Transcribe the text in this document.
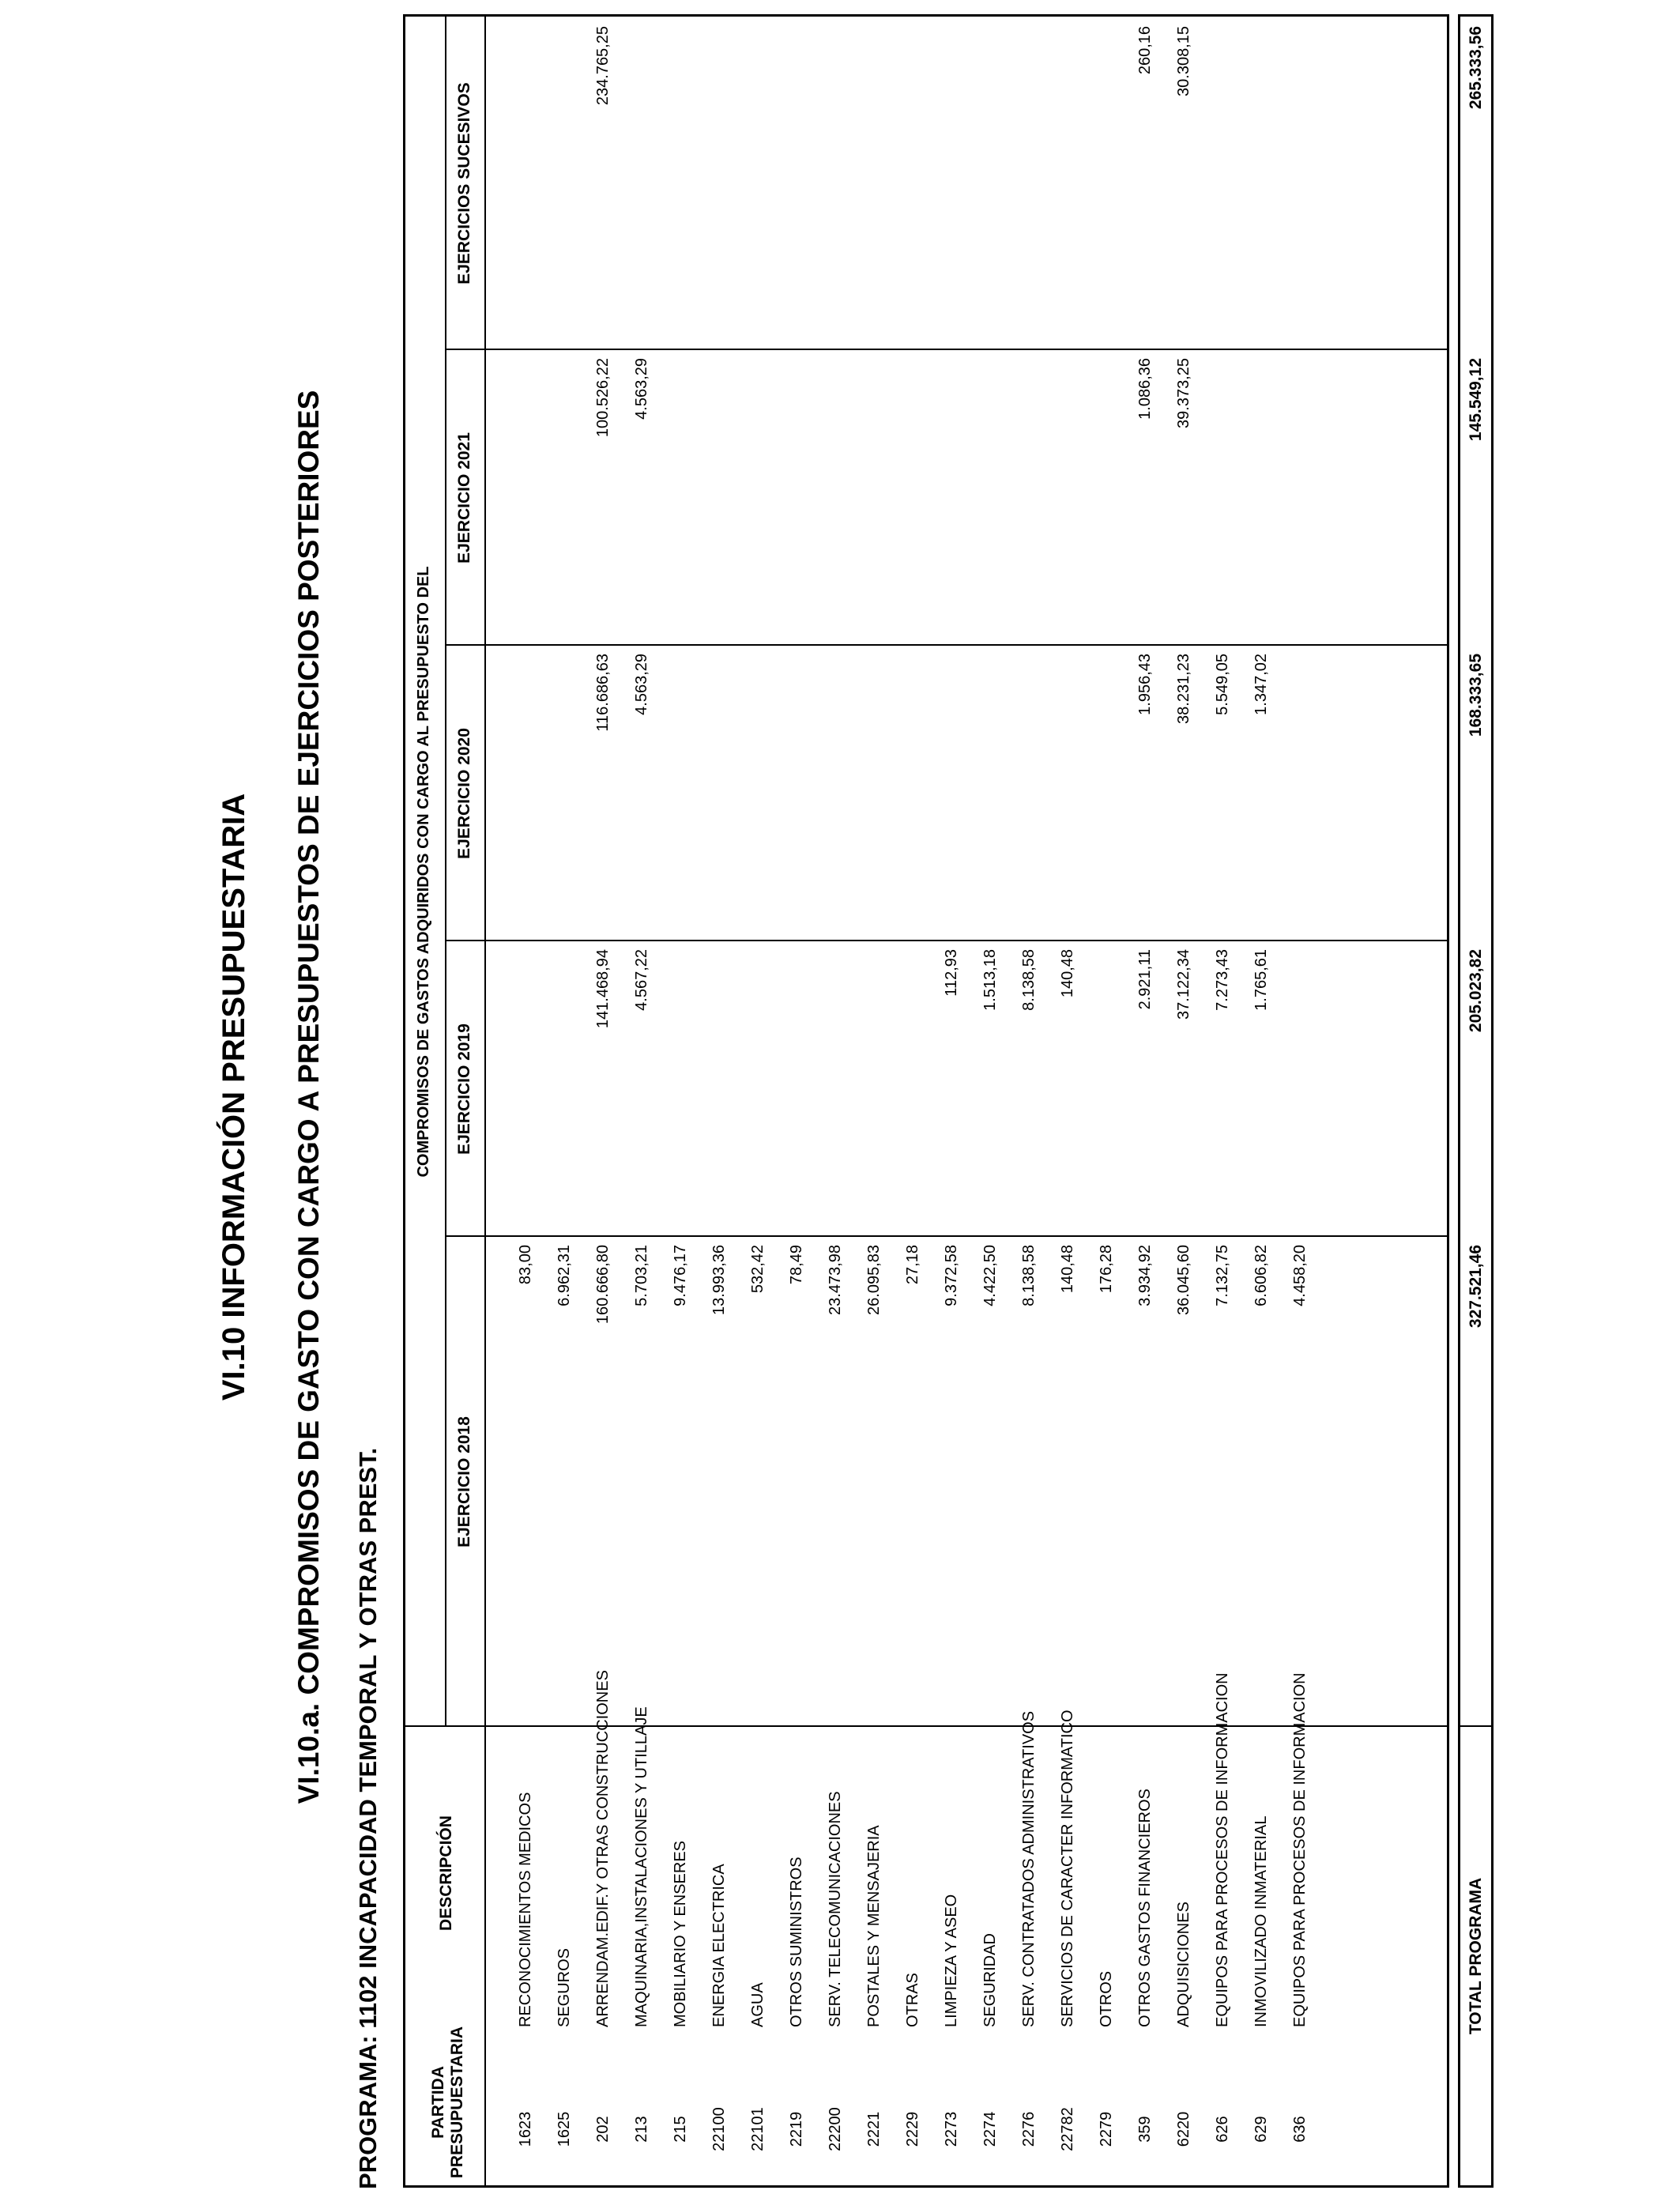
VI.10 INFORMACIÓN PRESUPUESTARIA VI.10.a. COMPROMISOS DE GASTO CON CARGO A PRESUPUESTOS DE EJERCICIOS POSTERIORES
PROGRAMA: 1102 INCAPACIDAD TEMPORAL Y OTRAS PREST.	PARTIDA PRESUPUESTARIA
DESCRIPCIÓN
COMPROMISOS DE GASTOS ADQUIRIDOS CON CARGO AL PRESUPUESTO DEL
EJERCICIO 2018
EJERCICIO 2019
EJERCICIO 2020
EJERCICIO 2021
EJERCICIOS SUCESIVOS
1623
RECONOCIMIENTOS MEDICOS
83,00
1625
SEGUROS
6.962,31
202
ARRENDAM.EDIF.Y OTRAS CONSTRUCCIONES
160.666,80
141.468,94
116.686,63
100.526,22
234.765,25
213
MAQUINARIA,INSTALACIONES Y UTILLAJE
5.703,21
4.567,22
4.563,29
4.563,29
215
MOBILIARIO Y ENSERES
9.476,17
22100
ENERGIA ELECTRICA
13.993,36
22101
AGUA
532,42
2219
OTROS SUMINISTROS
78,49
22200
SERV. TELECOMUNICACIONES
23.473,98
2221
POSTALES Y MENSAJERIA
26.095,83
2229
OTRAS
27,18
2273
LIMPIEZA Y ASEO
9.372,58
112,93
2274
SEGURIDAD
4.422,50
1.513,18
2276
SERV. CONTRATADOS ADMINISTRATIVOS
8.138,58
8.138,58
22782
SERVICIOS DE CARACTER INFORMATICO
140,48
140,48
2279
OTROS
176,28
359
OTROS GASTOS FINANCIEROS
3.934,92
2.921,11
1.956,43
1.086,36
260,16
6220
ADQUISICIONES
36.045,60
37.122,34
38.231,23
39.373,25
30.308,15
626
EQUIPOS PARA PROCESOS DE INFORMACION
7.132,75
7.273,43
5.549,05
629
INMOVILIZADO INMATERIAL
6.606,82
1.765,61
1.347,02
636
EQUIPOS PARA PROCESOS DE INFORMACION
4.458,20
TOTAL PROGRAMA
327.521,46
205.023,82
168.333,65
145.549,12
265.333,56
